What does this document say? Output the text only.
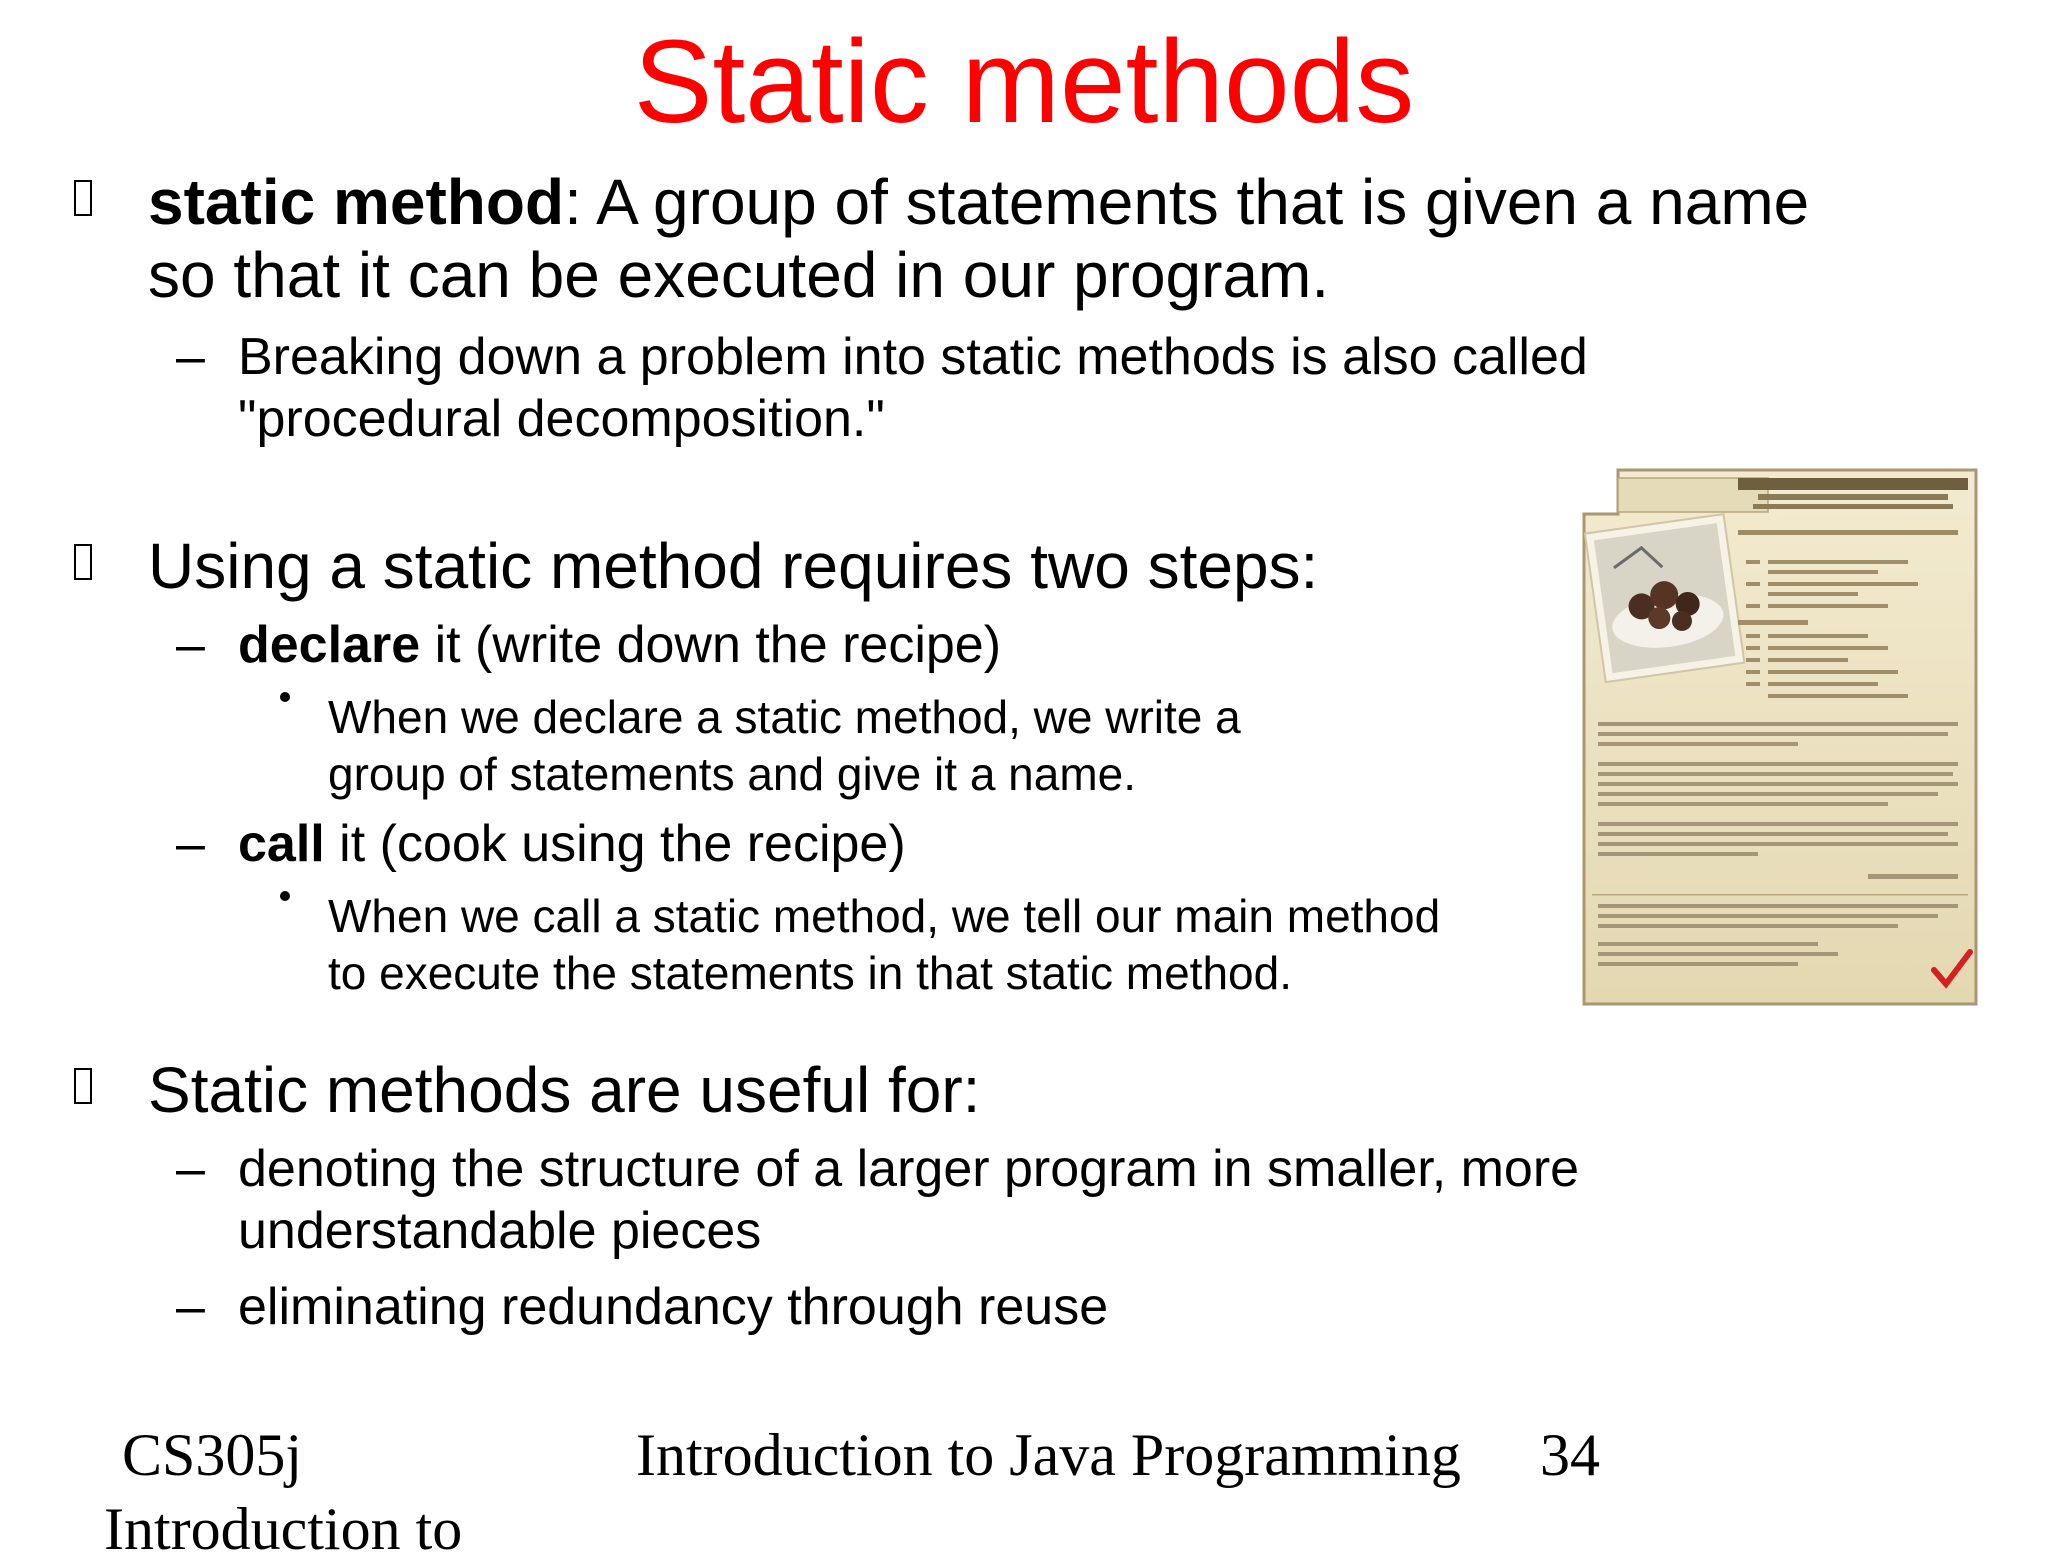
Static methods
static method: A group of statements that is given a name
so that it can be executed in our program.
– Breaking down a problem into static methods is also called
"procedural decomposition."
Using a static method requires two steps:
– declare it (write down the recipe)
When we declare a static method, we write a
group of statements and give it a name.
– call it (cook using the recipe)
When we call a static method, we tell our main method
to execute the statements in that static method.
Static methods are useful for:
– denoting the structure of a larger program in smaller, more
understandable pieces
– eliminating redundancy through reuse
CS305j
Introduction to
Introduction to Java Programming 34
